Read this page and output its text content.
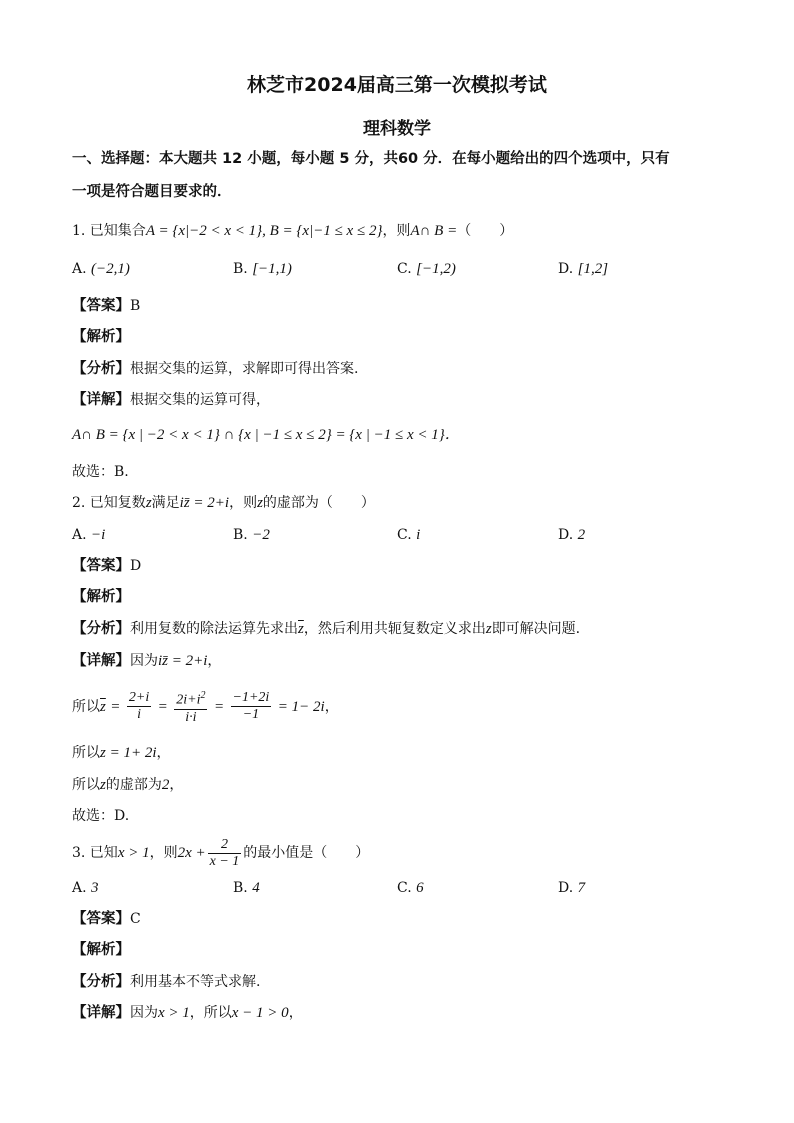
林芝市2024届高三第一次模拟考试
理科数学
一、选择题：本大题共 12 小题，每小题 5 分，共60 分．在每小题给出的四个选项中，只有
一项是符合题目要求的．
1. 已知集合A = {x|−2 < x < 1}, B = {x|−1 ≤ x ≤ 2}，则A∩ B =（　　）
A. (−2,1)	B. [−1,1)	C. [−1,2)	D. [1,2]
【答案】B
【解析】
【分析】根据交集的运算，求解即可得出答案.
【详解】根据交集的运算可得，
A∩ B = {x | −2 < x < 1} ∩ {x | −1 ≤ x ≤ 2} = {x | −1 ≤ x < 1}．
故选：B.
2. 已知复数z满足iz̄ = 2+i，则z的虚部为（　　）
A. −i	B. −2	C. i	D. 2
【答案】D
【解析】
【分析】利用复数的除法运算先求出$\overline{z}$，然后利用共轭复数定义求出z即可解决问题.
【详解】因为iz̄ = 2+i，
所以$\overline{z} = \frac{2+i}{i} = \frac{2i+i^2}{i\cdot i} = \frac{-1+2i}{-1} = 1- 2i$，
所以z = 1+ 2i，
所以z的虚部为2，
故选：D.
3. 已知x > 1，则$2x + \frac{2}{x - 1}$ 的最小值是（　　）
A. 3	B. 4	C. 6	D. 7
【答案】C
【解析】
【分析】利用基本不等式求解.
【详解】因为x > 1，所以x − 1 > 0，
